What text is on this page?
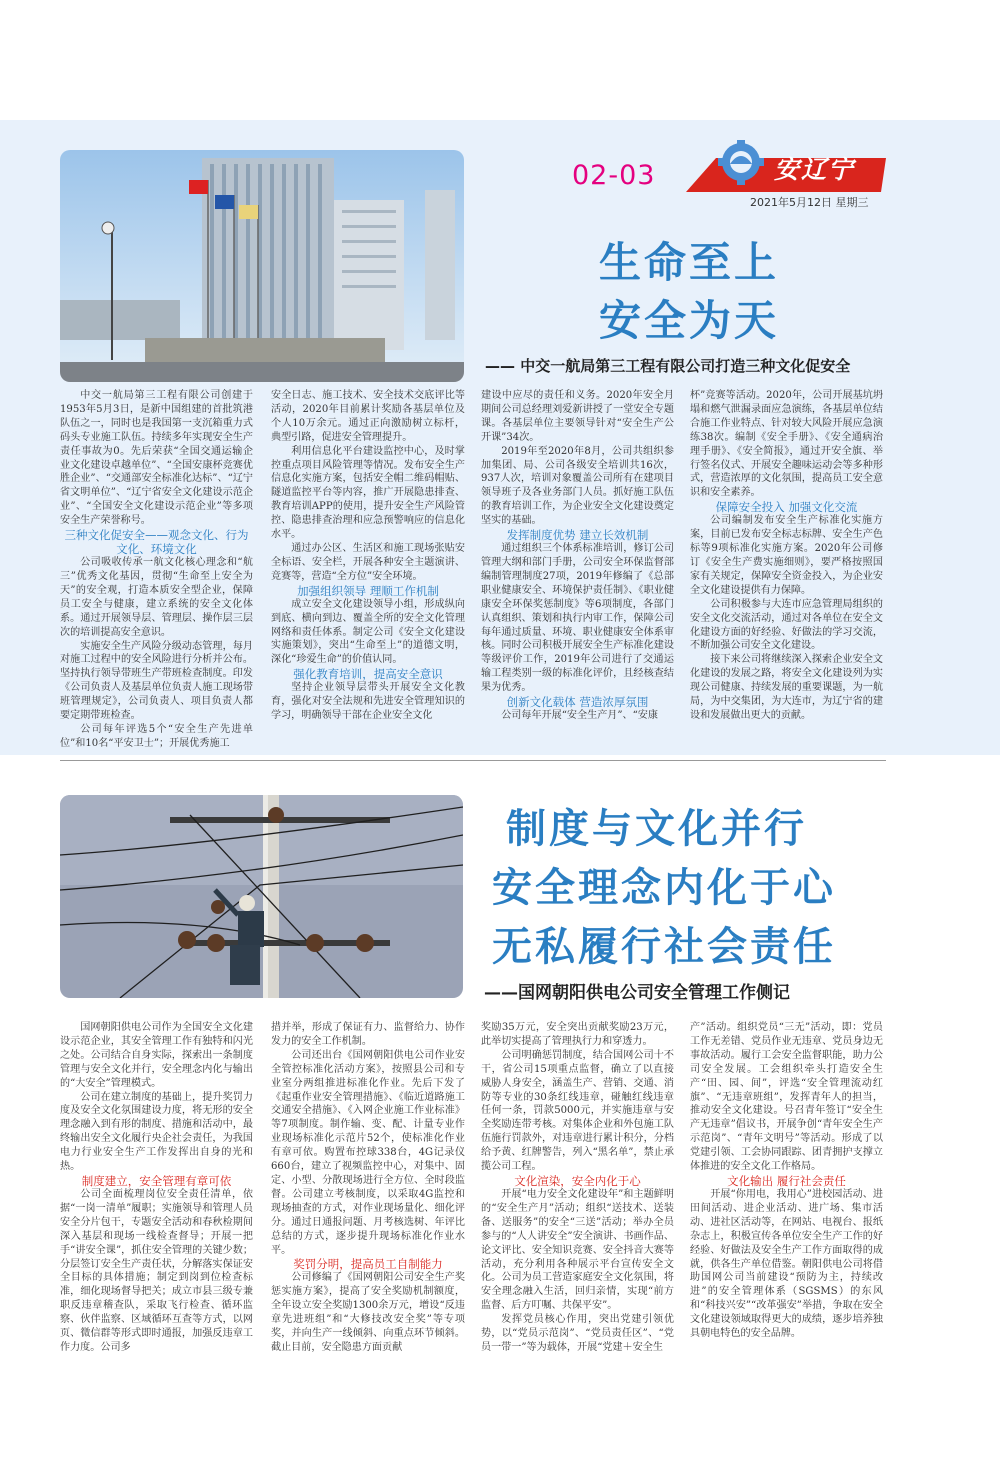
02-03	安辽宁
2021年5月12日 星期三
生命至上
安全为天
—— 中交一航局第三工程有限公司打造三种文化促安全

中交一航局第三工程有限公司创建于1953年5月3日，是新中国组建的首批筑港队伍之一，同时也是我国第一支沉箱重力式码头专业施工队伍。持续多年实现安全生产责任事故为0。先后荣获“全国交通运输企业文化建设卓越单位”、“全国安康杯竞赛优胜企业”、“交通部安全标准化达标”、“辽宁省文明单位”、“辽宁省安全文化建设示范企业”、“全国安全文化建设示范企业”等多项安全生产荣誉称号。

三种文化促安全——观念文化、行为文化、环境文化

公司吸收传承一航文化核心理念和“航三”优秀文化基因，贯彻“生命至上安全为天”的安全观，打造本质安全型企业，保障员工安全与健康，建立系统的安全文化体系。通过开展领导层、管理层、操作层三层次的培训提高安全意识。

实施安全生产风险分级动态管理，每月对施工过程中的安全风险进行分析并公布。坚持执行领导带班生产带班检查制度。印发《公司负责人及基层单位负责人施工现场带班管理规定》，公司负责人、项目负责人都要定期带班检查。

公司每年评选5个“安全生产先进单位”和10名“平安卫士”；开展优秀施工

安全日志、施工技术、安全技术交底评比等活动，2020年目前累计奖励各基层单位及个人10万余元。通过正向激励树立标杆，典型引路，促进安全管理提升。

利用信息化平台建设监控中心，及时掌控重点项目风险管理等情况。发布安全生产信息化实施方案，包括安全帽二维码帽贴、隧道监控平台等内容，推广开展隐患排查、教育培训APP的使用，提升安全生产风险管控、隐患排查治理和应急预警响应的信息化水平。

通过办公区、生活区和施工现场张贴安全标语、安全栏，开展各种安全主题演讲、竞赛等，营造“全方位”安全环境。

加强组织领导 理顺工作机制

成立安全文化建设领导小组，形成纵向到底、横向到边、覆盖全所的安全文化管理网络和责任体系。制定公司《安全文化建设实施策划》，突出“生命至上”的道德文明，深化“珍爱生命”的价值认同。

强化教育培训，提高安全意识

坚持企业领导层带头开展安全文化教育，强化对安全法规和先进安全管理知识的学习，明确领导干部在企业安全文化

建设中应尽的责任和义务。2020年安全月期间公司总经理刘爱新讲授了一堂安全专题课。各基层单位主要领导针对“安全生产公开课”34次。

2019年至2020年8月，公司共组织参加集团、局、公司各级安全培训共16次，937人次，培训对象覆盖公司所有在建项目领导班子及各业务部门人员。抓好施工队伍的教育培训工作，为企业安全文化建设奠定坚实的基础。

发挥制度优势 建立长效机制

通过组织三个体系标准培训，修订公司管理大纲和部门手册，公司安全环保监督部编制管理制度27项，2019年修编了《总部职业健康安全、环境保护责任制》、《职业健康安全环保奖惩制度》等6项制度，各部门认真组织、策划和执行内审工作，保障公司每年通过质量、环境、职业健康安全体系审核。同时公司积极开展安全生产标准化建设等级评价工作，2019年公司进行了交通运输工程类别一级的标准化评价，且经核查结果为优秀。

创新文化载体 营造浓厚氛围

公司每年开展“安全生产月”、“安康

杯”竞赛等活动。2020年，公司开展基坑坍塌和燃气泄漏录面应急演练，各基层单位结合施工作业特点、针对较大风险开展应急演练38次。编制《安全手册》、《安全通病治理手册》、《安全简报》，通过开安全旗、举行签名仪式、开展安全趣味运动会等多种形式，营造浓厚的文化氛围，提高员工安全意识和安全素养。

保障安全投入 加强文化交流

公司编制发布安全生产标准化实施方案，目前已发布安全标志标牌、安全生产色标等9项标准化实施方案。2020年公司修订《安全生产费实施细则》，要严格按照国家有关规定，保障安全资金投入，为企业安全文化建设提供有力保障。

公司积极参与大连市应急管理局组织的安全文化交流活动，通过对各单位在安全文化建设方面的好经验、好做法的学习交流，不断加强公司安全文化建设。

接下来公司将继续深入探索企业安全文化建设的发展之路，将安全文化建设列为实现公司健康、持续发展的重要课题，为一航局，为中交集团，为大连市，为辽宁省的建设和发展做出更大的贡献。

制度与文化并行
安全理念内化于心
无私履行社会责任
——国网朝阳供电公司安全管理工作侧记

国网朝阳供电公司作为全国安全文化建设示范企业，其安全管理工作有独特和闪光之处。公司结合自身实际，探索出一条制度管理与安全文化并行，安全理念内化与输出的“大安全”管理模式。

公司在建立制度的基础上，提升奖罚力度及安全文化氛围建设力度，将无形的安全理念融入到有形的制度、措施和活动中，最终输出安全文化履行央企社会责任，为我国电力行业安全生产工作发挥出自身的光和热。

制度建立，安全管理有章可依

公司全面梳理岗位安全责任清单，依据“一岗一清单”履职；实施领导和管理人员安全分片包干，专题安全活动和春秋检期间深入基层和现场一线检查督导；开展一把手“讲安全课”，抓住安全管理的关键少数；分层签订安全生产责任状，分解落实保证安全目标的具体措施；制定到岗到位检查标准，细化现场督导把关；成立市县三级专兼职反违章稽查队，采取飞行检查、循环监察、伙伴监察、区域循环互查等方式，以网页、微信群等形式即时通报，加强反违章工作力度。公司多

措并举，形成了保证有力、监督给力、协作发力的安全工作机制。

公司还出台《国网朝阳供电公司作业安全管控标准化活动方案》，按照县公司和专业室分两组推进标准化作业。先后下发了《起重作业安全管理措施》、《临近道路施工交通安全措施》、《入网企业施工作业标准》等7项制度。制作输、变、配、计量专业作业现场标准化示范片52个，使标准化作业有章可依。购置布控球338台，4G记录仪660台，建立了视频监控中心，对集中、固定、小型、分散现场进行全方位、全时段监督。公司建立考核制度，以采取4G监控和现场抽查的方式，对作业现场量化、细化评分。通过日通报问题、月考核选树、年评比总结的方式，逐步提升现场标准化作业水平。

奖罚分明，提高员工自制能力

公司修编了《国网朝阳公司安全生产奖惩实施方案》，提高了安全奖励机制额度，全年设立安全奖励1300余万元，增设“反违章先进班组”和“大修技改安全奖”等专项奖，并向生产一线倾斜、向重点环节倾斜。截止目前，安全隐患方面贡献

奖励35万元，安全突出贡献奖励23万元，此举切实提高了管理执行力和穿透力。

公司明确惩罚制度，结合国网公司十不干，省公司15项重点监督，确立了以直接威胁人身安全，涵盖生产、营销、交通、消防等专业的30条红线违章，碰触红线违章任何一条，罚款5000元，并实施违章与安全奖励连带考核。对集体企业和外包施工队伍施行罚款外，对违章进行累计积分，分档给予黄、红牌警告，列入“黑名单”，禁止承揽公司工程。

文化渲染，安全内化于心

开展“电力安全文化建设年”和主题鲜明的“安全生产月”活动；组织“送技术、送装备、送服务”的安全“三送”活动；举办全员参与的“人人讲安全”安全演讲、书画作品、论文评比、安全知识竞赛、安全抖音大赛等活动，充分利用各种展示平台宣传安全文化。公司为员工营造家庭安全文化氛围，将安全理念融入生活，回归亲情，实现“前方监督、后方叮嘱、共保平安”。

发挥党员核心作用，突出党建引领优势，以“党员示范岗”、“党员责任区”、“党员一带一”等为载体，开展“党建＋安全生

产”活动。组织党员“三无”活动，即：党员工作无差错、党员作业无违章、党员身边无事故活动。履行工会安全监督职能，助力公司安全发展。工会组织牵头打造安全生产“田、园、间”，评选“安全管理流动红旗”、“无违章班组”，发挥青年人的担当，推动安全文化建设。号召青年签订“安全生产无违章”倡议书，开展争创“青年安全生产示范岗”、“青年文明号”等活动。形成了以党建引领、工会协同跟踪、团青拥护支撑立体推进的安全文化工作格局。

文化输出 履行社会责任

开展“你用电，我用心”进校园活动、进田间活动、进企业活动、进广场、集市活动、进社区活动等，在网站、电视台、报纸杂志上，积极宣传各单位安全生产工作的好经验、好做法及安全生产工作方面取得的成就，供各生产单位借鉴。朝阳供电公司将借助国网公司当前建设“预防为主，持续改进”的安全管理体系（SGSMS）的东风和“科技兴安”“改革强安”举措，争取在安全文化建设领域取得更大的成绩，逐步培养独具朝电特色的安全品牌。
